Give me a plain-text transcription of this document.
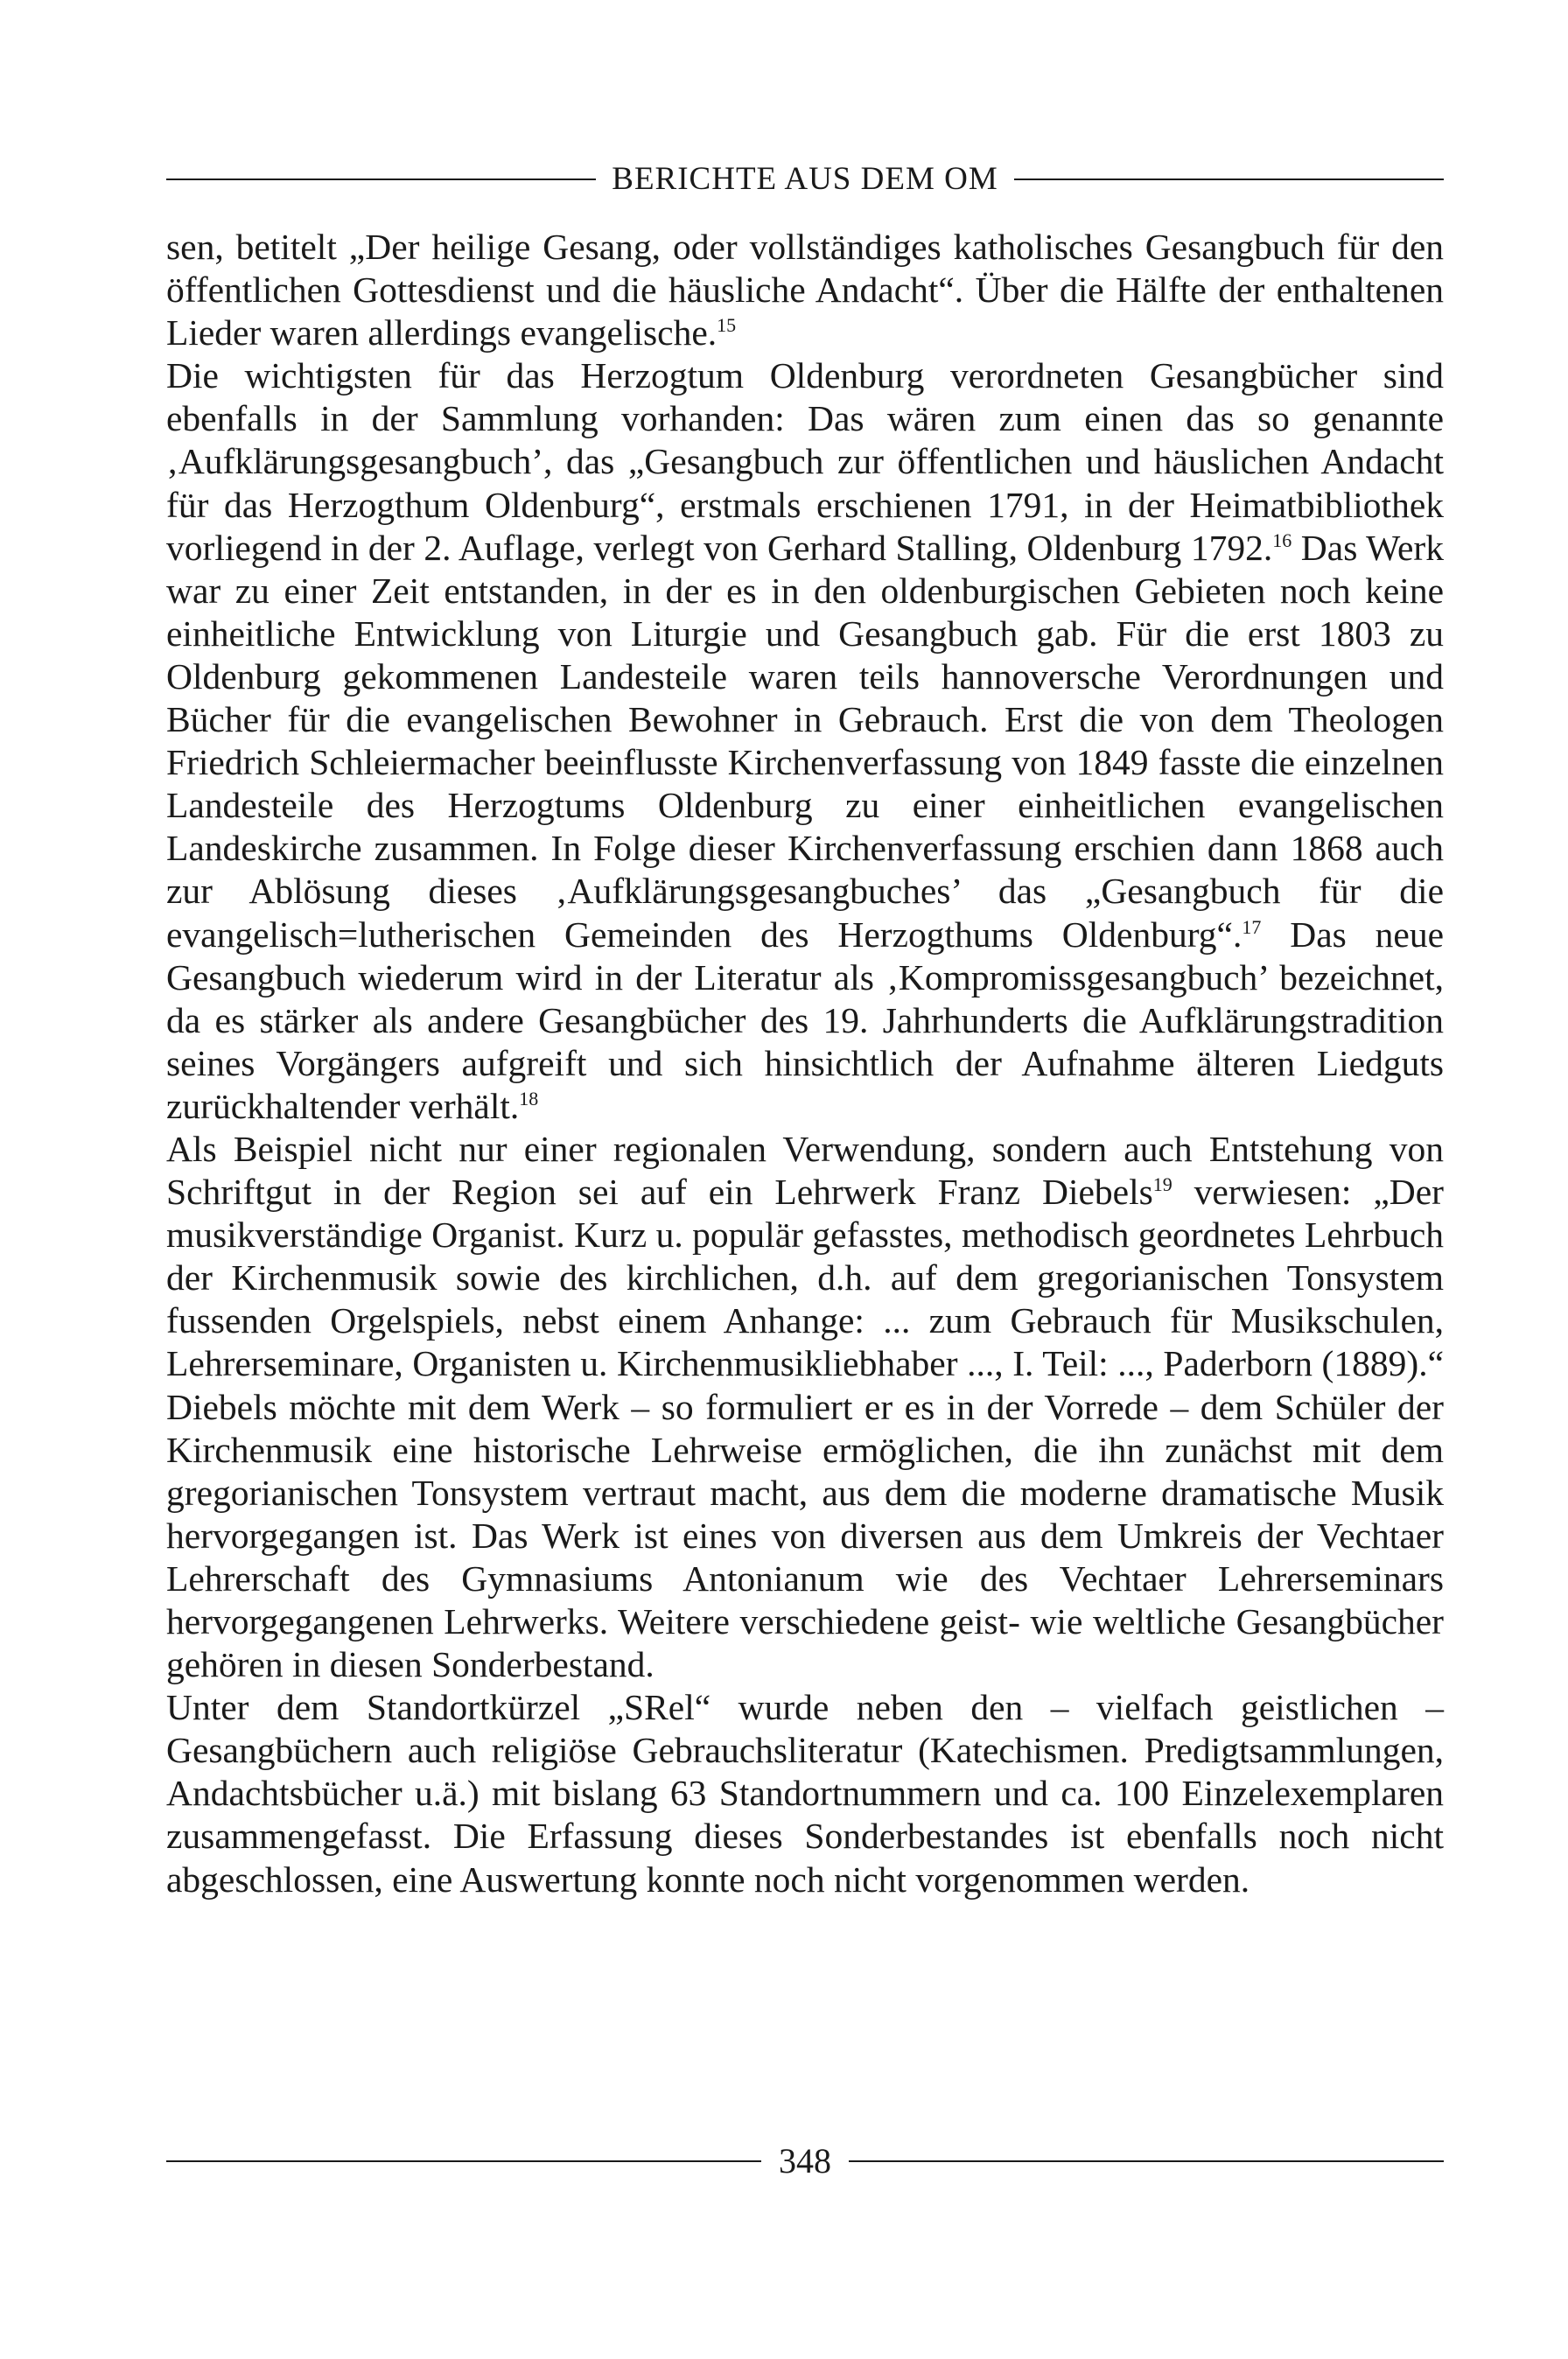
BERICHTE AUS DEM OM

sen, betitelt „Der heilige Gesang, oder vollständiges katholisches Gesangbuch für den öffentlichen Gottesdienst und die häusliche Andacht“. Über die Hälfte der enthaltenen Lieder waren allerdings evangelische.$^{15}$

Die wichtigsten für das Herzogtum Oldenburg verordneten Gesangbücher sind ebenfalls in der Sammlung vorhanden: Das wären zum einen das so genannte ‚Aufklärungsgesangbuch’, das „Gesangbuch zur öffentlichen und häuslichen Andacht für das Herzogthum Oldenburg“, erstmals erschienen 1791, in der Heimatbibliothek vorliegend in der 2. Auflage, verlegt von Gerhard Stalling, Oldenburg 1792.16 Das Werk war zu einer Zeit entstanden, in der es in den oldenburgischen Gebieten noch keine einheitliche Entwicklung von Liturgie und Gesangbuch gab. Für die erst 1803 zu Oldenburg gekommenen Landesteile waren teils hannoversche Verordnungen und Bücher für die evangelischen Bewohner in Gebrauch. Erst die von dem Theologen Friedrich Schleiermacher beeinflusste Kirchenverfassung von 1849 fasste die einzelnen Landesteile des Herzogtums Oldenburg zu einer einheitlichen evangelischen Landeskirche zusammen. In Folge dieser Kirchenverfassung erschien dann 1868 auch zur Ablösung dieses ‚Aufklärungsgesangbuches’ das „Gesangbuch für die evangelisch=lutherischen Gemeinden des Herzogthums Oldenburg“.$^{17}$ Das neue Gesangbuch wiederum wird in der Literatur als ‚Kompromissgesangbuch’ bezeichnet, da es stärker als andere Gesangbücher des 19. Jahrhunderts die Aufklärungstradition seines Vorgängers aufgreift und sich hinsichtlich der Aufnahme älteren Liedguts zurückhaltender verhält.$^{18}$

Als Beispiel nicht nur einer regionalen Verwendung, sondern auch Entstehung von Schriftgut in der Region sei auf ein Lehrwerk Franz Diebels$^{19}$ verwiesen: „Der musikverständige Organist. Kurz u. populär gefasstes, methodisch geordnetes Lehrbuch der Kirchenmusik sowie des kirchlichen, d.h. auf dem gregorianischen Tonsystem fussenden Orgelspiels, nebst einem Anhange: ... zum Gebrauch für Musikschulen, Lehrerseminare, Organisten u. Kirchenmusikliebhaber ..., I. Teil: ..., Paderborn (1889).“ Diebels möchte mit dem Werk – so formuliert er es in der Vorrede – dem Schüler der Kirchenmusik eine historische Lehrweise ermöglichen, die ihn zunächst mit dem gregorianischen Tonsystem vertraut macht, aus dem die moderne dramatische Musik hervorgegangen ist. Das Werk ist eines von diversen aus dem Umkreis der Vechtaer Lehrerschaft des Gymnasiums Antonianum wie des Vechtaer Lehrerseminars hervorgegangenen Lehrwerks. Weitere verschiedene geist- wie weltliche Gesangbücher gehören in diesen Sonderbestand.

Unter dem Standortkürzel „SRel“ wurde neben den – vielfach geistlichen – Gesangbüchern auch religiöse Gebrauchsliteratur (Katechismen. Predigtsammlungen, Andachtsbücher u.ä.) mit bislang 63 Standortnummern und ca. 100 Einzelexemplaren zusammengefasst. Die Erfassung dieses Sonderbestandes ist ebenfalls noch nicht abgeschlossen, eine Auswertung konnte noch nicht vorgenommen werden.

348
